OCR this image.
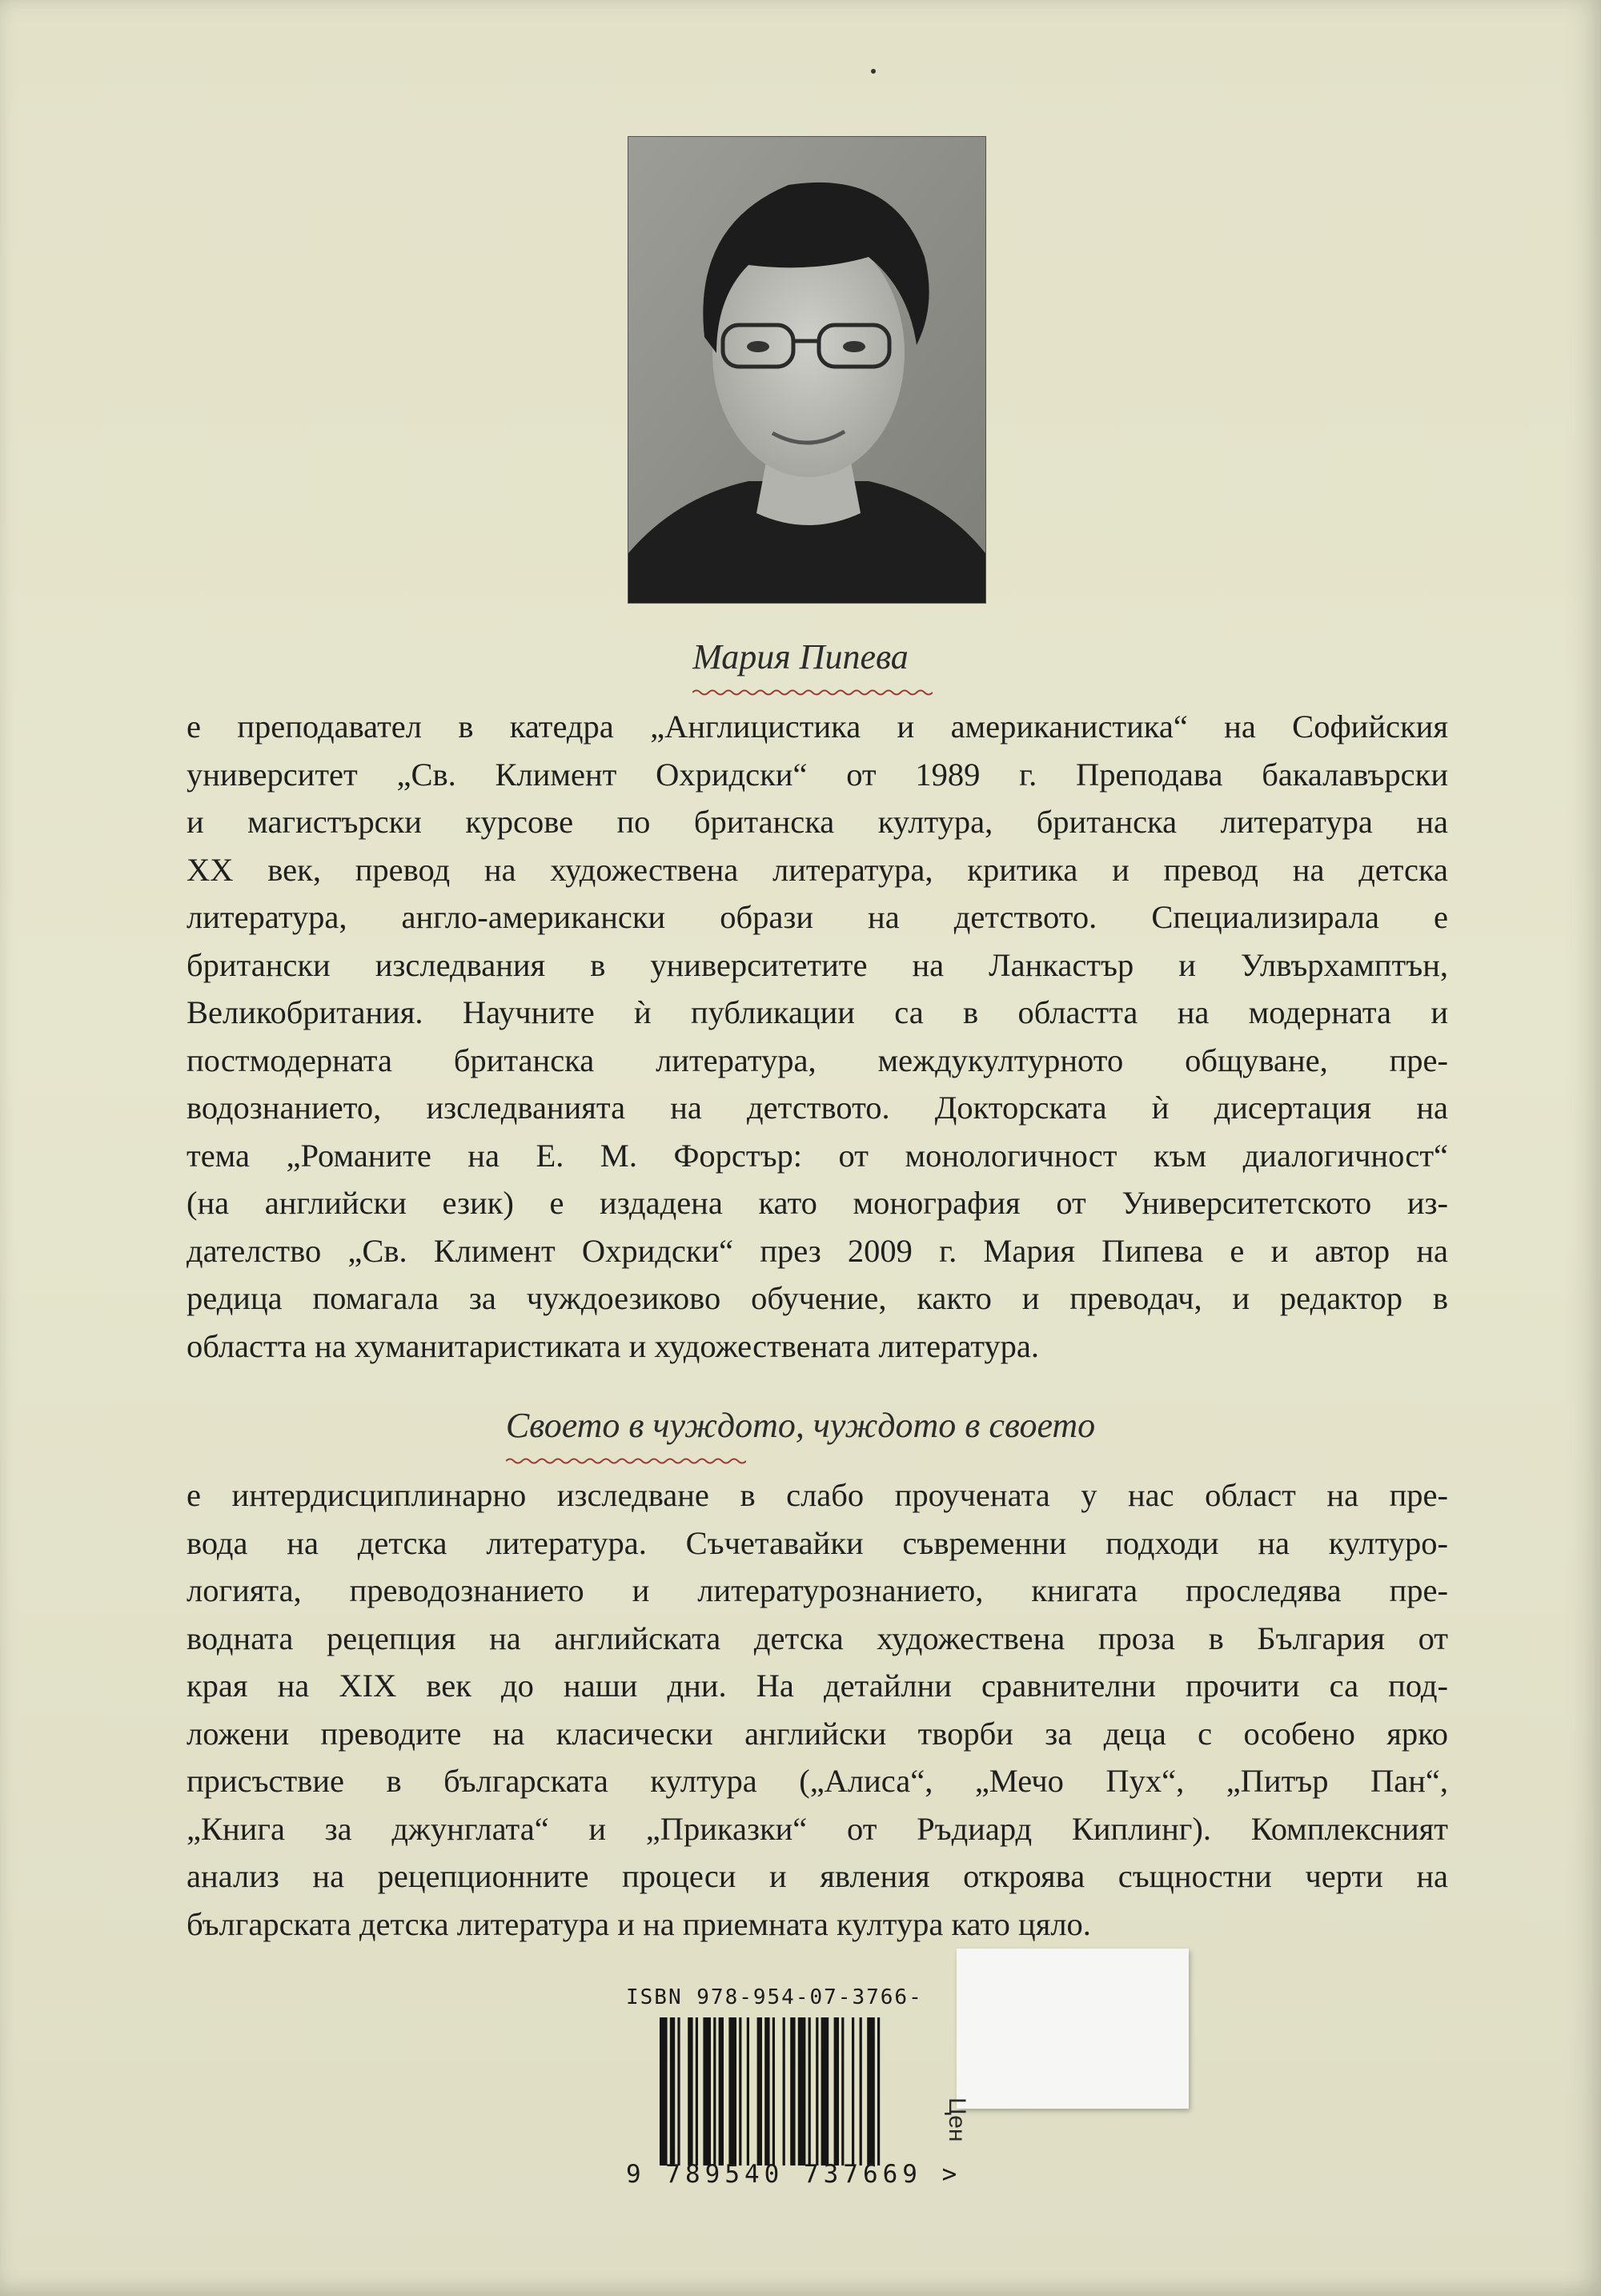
Мария Пипева
е преподавател в катедра „Англицистика и американистика“ на Софийския
университет „Св. Климент Охридски“ от 1989 г. Преподава бакалавърски
и магистърски курсове по британска култура, британска литература на
XX век, превод на художествена литература, критика и превод на детска
литература, англо-американски образи на детството. Специализирала е
британски изследвания в университетите на Ланкастър и Улвърхамптън,
Великобритания. Научните ѝ публикации са в областта на модерната и
постмодерната британска литература, междукултурното общуване, пре-
водознанието, изследванията на детството. Докторската ѝ дисертация на
тема „Романите на Е. М. Форстър: от монологичност към диалогичност“
(на английски език) е издадена като монография от Университетското из-
дателство „Св. Климент Охридски“ през 2009 г. Мария Пипева е и автор на
редица помагала за чуждоезиково обучение, както и преводач, и редактор в
областта на хуманитаристиката и художествената литература.
Своето в чуждото, чуждото в своето
е интердисциплинарно изследване в слабо проучената у нас област на пре-
вода на детска литература. Съчетавайки съвременни подходи на културо-
логията, преводознанието и литературознанието, книгата проследява пре-
водната рецепция на английската детска художествена проза в България от
края на XIX век до наши дни. На детайлни сравнителни прочити са под-
ложени преводите на класически английски творби за деца с особено ярко
присъствие в българската култура („Алиса“, „Мечо Пух“, „Питър Пан“,
„Книга за джунглата“ и „Приказки“ от Ръдиард Киплинг). Комплексният
анализ на рецепционните процеси и явления откроява същностни черти на
българската детска литература и на приемната култура като цяло.
ISBN 978-954-07-3766-
9 789540 737669 >
Цен
